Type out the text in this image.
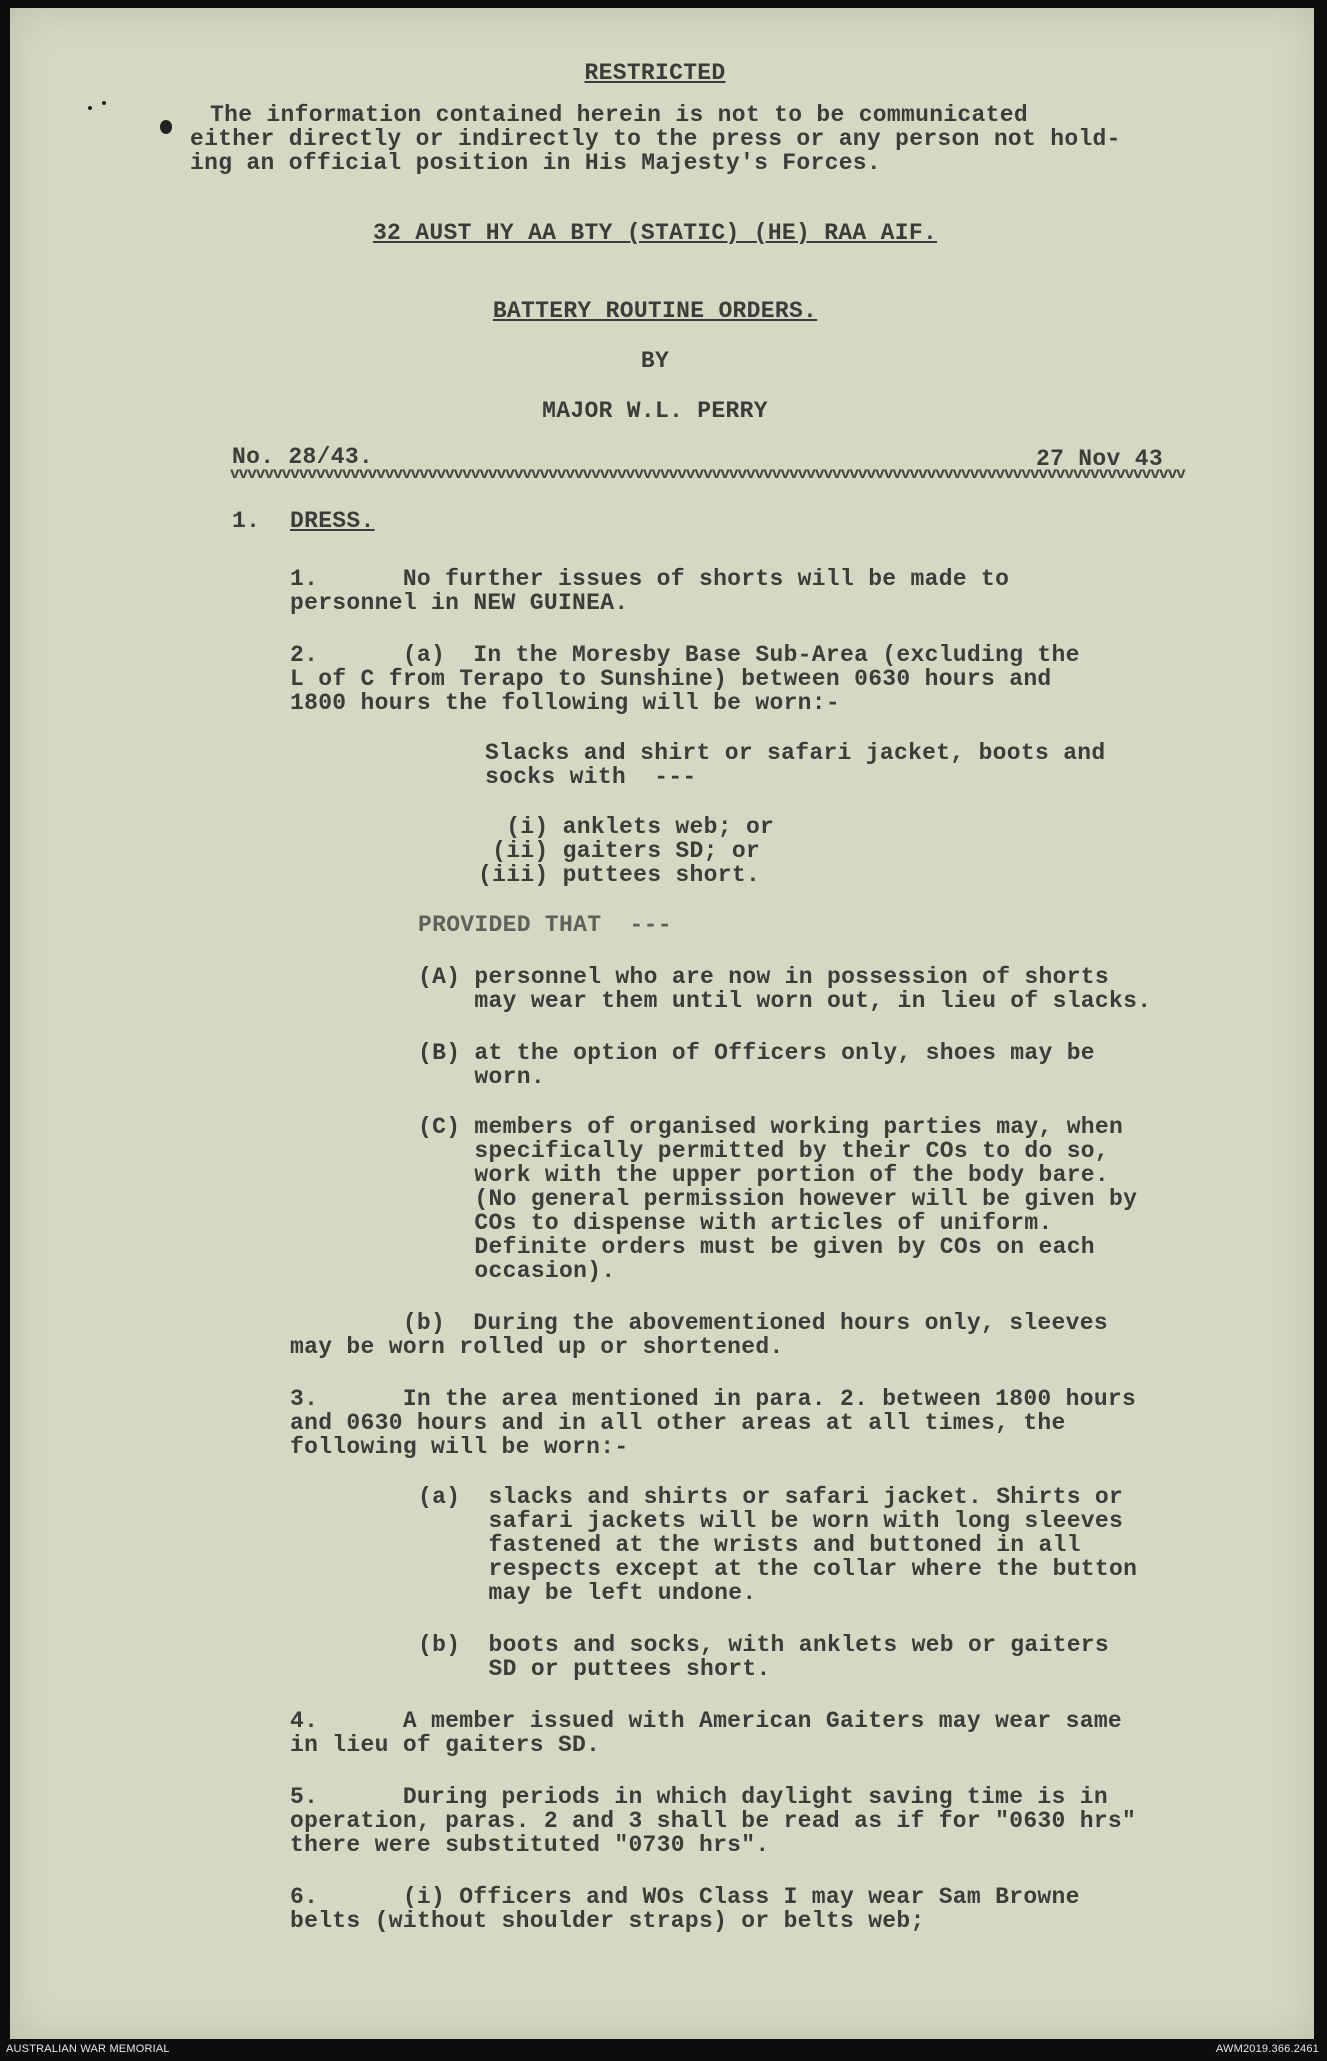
RESTRICTED

The information contained herein is not to be communicated

either directly or indirectly to the press or any person not hold-

ing an official position in His Majesty's Forces.

32 AUST HY AA BTY (STATIC) (HE) RAA AIF.

BATTERY ROUTINE ORDERS.

BY

MAJOR W.L. PERRY

No. 28/43.	27 Nov 43

vvvvvvvvvvvvvvvvvvvvvvvvvvvvvvvvvvvvvvvvvvvvvvvvvvvvvvvvvvvvvvvvvvvvvvvvvvvvvvvvvvvvvvvvvvvvvvvvvvvvvvvvvvvvvvv

1. DRESS.

1.      No further issues of shorts will be made to

personnel in NEW GUINEA.

2.      (a)  In the Moresby Base Sub-Area (excluding the

L of C from Terapo to Sunshine) between 0630 hours and

1800 hours the following will be worn:-

Slacks and shirt or safari jacket, boots and

socks with  ---

(i) anklets web; or

(ii) gaiters SD; or

(iii) puttees short.

PROVIDED THAT  ---

(A) personnel who are now in possession of shorts

may wear them until worn out, in lieu of slacks.

(B) at the option of Officers only, shoes may be

worn.

(C) members of organised working parties may, when

specifically permitted by their COs to do so,

work with the upper portion of the body bare.

(No general permission however will be given by

COs to dispense with articles of uniform.

Definite orders must be given by COs on each

occasion).

(b)  During the abovementioned hours only, sleeves

may be worn rolled up or shortened.

3.      In the area mentioned in para. 2. between 1800 hours

and 0630 hours and in all other areas at all times, the

following will be worn:-

(a)  slacks and shirts or safari jacket. Shirts or

safari jackets will be worn with long sleeves

fastened at the wrists and buttoned in all

respects except at the collar where the button

may be left undone.

(b)  boots and socks, with anklets web or gaiters

SD or puttees short.

4.      A member issued with American Gaiters may wear same

in lieu of gaiters SD.

5.      During periods in which daylight saving time is in

operation, paras. 2 and 3 shall be read as if for "0630 hrs"

there were substituted "0730 hrs".

6.      (i) Officers and WOs Class I may wear Sam Browne

belts (without shoulder straps) or belts web;

AUSTRALIAN WAR MEMORIAL	AWM2019.366.2461
